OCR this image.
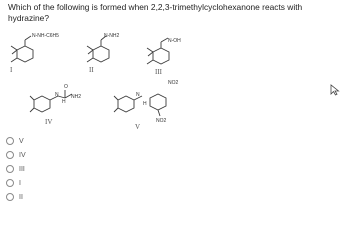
Which of the following is formed when 2,2,3-trimethylcyclohexanone reacts with hydrazine?
N-NH-C6H5
I
N-NH2
II
N-OH
NO2
III
N
H
O
NH2
IV
N
H
NO2
V
V
IV
III
I
II
